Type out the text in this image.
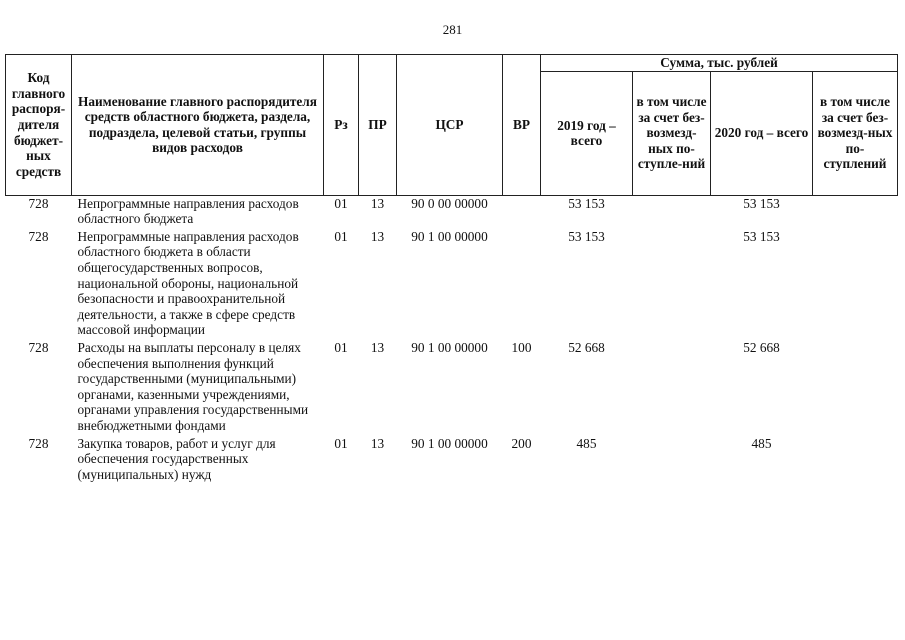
281
Код главного распоря-дителя бюджет-ных средств	Наименование главного распорядителя средств областного бюджета, раздела, подраздела, целевой статьи, группы видов расходов	Рз	ПР	ЦСР	ВР	Сумма, тыс. рублей			
						2019 год – всего	в том числе за счет без-возмезд-ных по-ступле-ний	2020 год – всего	в том числе за счет без-возмезд-ных по-ступлений
728	Непрограммные направления расходов областного бюджета	01	13	90 0 00 00000		53 153		53 153	
728	Непрограммные направления расходов областного бюджета в области общегосударственных вопросов, национальной обороны, национальной безопасности и правоохранительной деятельности, а также в сфере средств массовой информации	01	13	90 1 00 00000		53 153		53 153	
728	Расходы на выплаты персоналу в целях обеспечения выполнения функций государственными (муниципальными) органами, казенными учреждениями, органами управления государственными внебюджетными фондами	01	13	90 1 00 00000	100	52 668		52 668	
728	Закупка товаров, работ и услуг для обеспечения государственных (муниципальных) нужд	01	13	90 1 00 00000	200	485		485	
